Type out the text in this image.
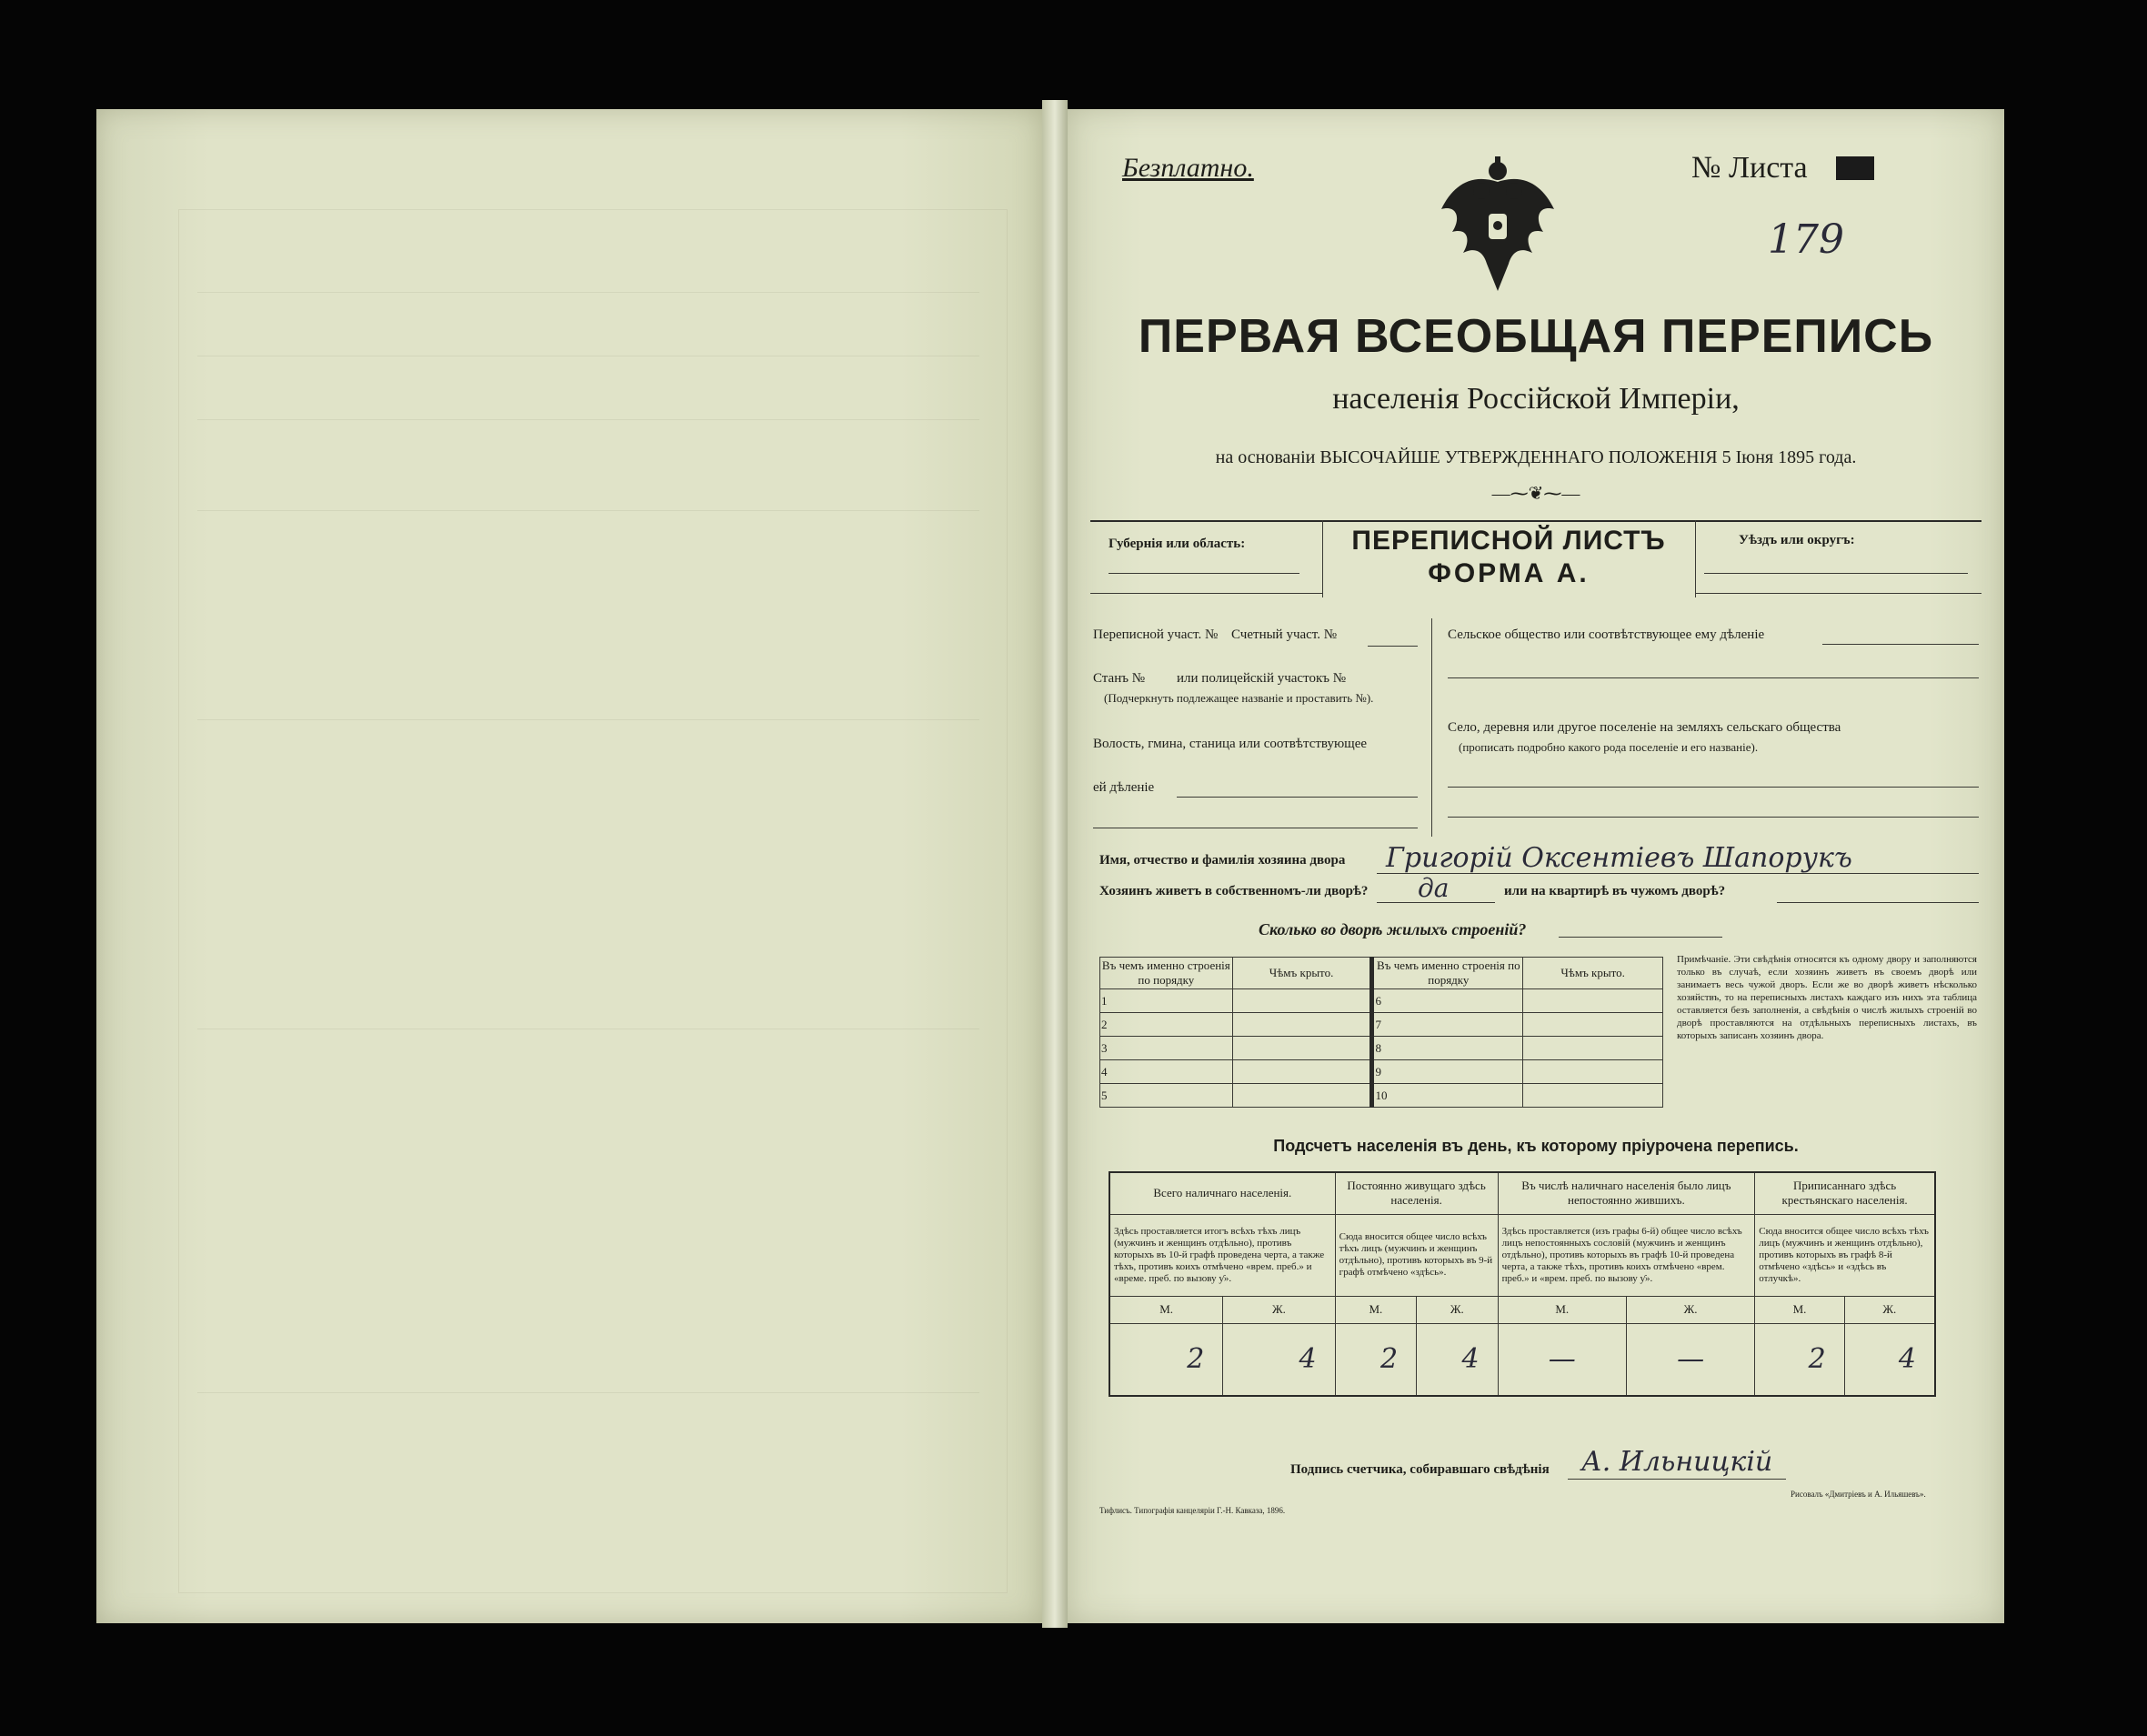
Безплатно.	№ Листа
179
ПЕРВАЯ ВСЕОБЩАЯ ПЕРЕПИСЬ
населенія Россійской Имперіи,
на основаніи ВЫСОЧАЙШЕ УТВЕРЖДЕННАГО ПОЛОЖЕНІЯ 5 Іюня 1895 года.
—⁓❦⁓—
Губернія или область:	ПЕРЕПИСНОЙ ЛИСТЪ
ФОРМА А.
Уѣздъ или округъ:
Переписной участ. № Счетный участ. №
Станъ № или полицейскій участокъ №
(Подчеркнуть подлежащее названіе и проставить №).
Волость, гмина, станица или соотвѣтствующее
ей дѣленіе
Сельское общество или соотвѣтствующее ему дѣленіе
Село, деревня или другое поселеніе на земляхъ сельскаго общества
(прописать подробно какого рода поселеніе и его названіе).
Имя, отчество и фамилія хозяина двора Григорій Оксентіевъ Шапорукъ
Хозяинъ живетъ в собственномъ-ли дворѣ? да	или на квартирѣ въ чужомъ дворѣ?
Сколько во дворѣ жилыхъ строеній?
Въ чемъ именно строенія по порядку	Чѣмъ крыто.	Въ чемъ именно строенія по порядку	Чѣмъ крыто.
1		6	
2		7	
3		8	
4		9	
5		10	
Примѣчаніе. Эти свѣдѣнія относятся къ одному двору и заполняются только въ случаѣ, если хозяинъ живетъ въ своемъ дворѣ или занимаетъ весь чужой дворъ. Если же во дворѣ живетъ нѣсколько хозяйствъ, то на переписныхъ листахъ каждаго изъ нихъ эта таблица оставляется безъ заполненія, а свѣдѣнія о числѣ жилыхъ строеній во дворѣ проставляются на отдѣльныхъ переписныхъ листахъ, въ которыхъ записанъ хозяинъ двора.
Подсчетъ населенія въ день, къ которому пріурочена перепись.
Всего наличнаго населенія.		Постоянно живущаго здѣсь населенія.		Въ числѣ наличнаго населенія было лицъ непостоянно жившихъ.		Приписаннаго здѣсь крестьянскаго населенія.	
Здѣсь проставляется итогъ всѣхъ тѣхъ лицъ (мужчинъ и женщинъ отдѣльно), противъ которыхъ въ 10-й графѣ проведена черта, а также тѣхъ, противъ коихъ отмѣчено «врем. преб.» и «време. преб. по вызову ƴ».		Сюда вносится общее число всѣхъ тѣхъ лицъ (мужчинъ и женщинъ отдѣльно), противъ которыхъ въ 9-й графѣ отмѣчено «здѣсь».		Здѣсь проставляется (изъ графы 6-й) общее число всѣхъ лицъ непостоянныхъ сословій (мужчинъ и женщинъ отдѣльно), противъ которыхъ въ графѣ 10-й проведена черта, а также тѣхъ, противъ коихъ отмѣчено «врем. преб.» и «врем. преб. по вызову ƴ».		Сюда вносится общее число всѣхъ тѣхъ лицъ (мужчинъ и женщинъ отдѣльно), противъ которыхъ въ графѣ 8-й отмѣчено «здѣсь» и «здѣсь въ отлучкѣ».	
М.	Ж.	М.	Ж.	М.	Ж.	М.	Ж.
2	4	2	4	—	—	2	4
Подпись счетчика, собиравшаго свѣдѣнія А. Ильницкій
Тифлисъ. Типографія канцеляріи Г.-Н. Кавказа, 1896.
Рисовалъ «Дмитріевъ и А. Ильяшевъ».
